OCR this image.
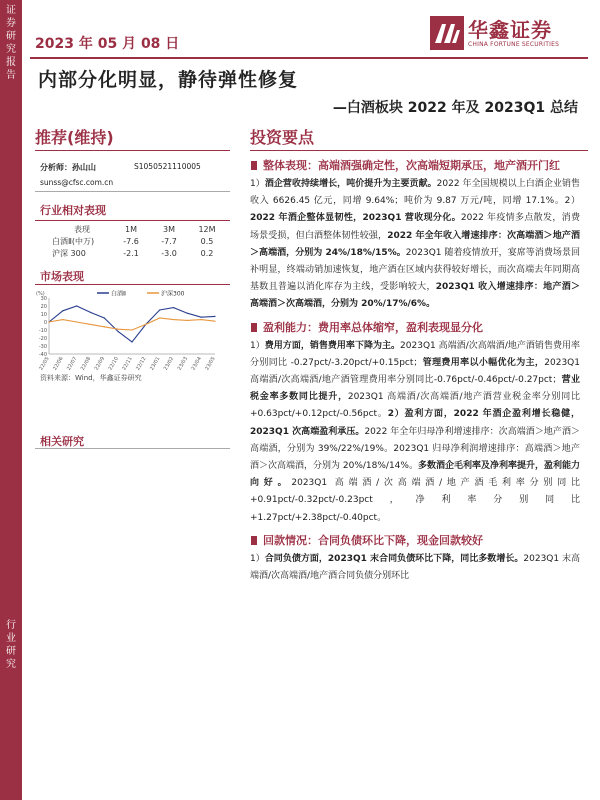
证
券
研
究
报
告
行
业
研
究
2023 年 05 月 08 日
华鑫证券
CHINA FORTUNE SECURITIES
内部分化明显，静待弹性修复
—白酒板块 2022 年及 2023Q1 总结
推荐(维持)	投资要点
分析师：孙山山	S1050521110005
sunss@cfsc.com.cn
行业相对表现
表现	1M	3M	12M
白酒Ⅱ(中万)	-7.6	-7.7	0.5
沪深 300	-2.1	-3.0	0.2
市场表现
白酒Ⅱ	沪深300
(%)
30
20
10
0
-10
-20
-30
-40
22/05 22/06 22/07 22/08 22/09 22/10 22/11 22/12 23/01 23/02 23/03 23/04 23/05
资料来源：Wind，华鑫证券研究
相关研究
整体表现：高端酒强确定性，次高端短期承压，地产酒开门红
1）酒企营收持续增长，吨价提升为主要贡献。2022 年全国规模以上白酒企业销售收入 6626.45 亿元，同增 9.64%；吨价为 9.87 万元/吨，同增 17.1%。2）2022 年酒企整体显韧性，2023Q1 营收现分化。2022 年疫情多点散发，消费场景受损，但白酒整体韧性较强，2022 年全年收入增速排序：次高端酒＞地产酒＞高端酒，分别为 24%/18%/15%。2023Q1 随着疫情放开，宴席等消费场景回补明显，终端动销加速恢复，地产酒在区域内获得较好增长，而次高端去年同期高基数且普遍以消化库存为主线，受影响较大，2023Q1 收入增速排序：地产酒＞高端酒＞次高端酒，分别为 20%/17%/6%。
盈利能力：费用率总体缩窄，盈利表现显分化
1）费用方面，销售费用率下降为主。2023Q1 高端酒/次高端酒/地产酒销售费用率分别同比 -0.27pct/-3.20pct/+0.15pct；管理费用率以小幅优化为主，2023Q1 高端酒/次高端酒/地产酒管理费用率分别同比-0.76pct/-0.46pct/-0.27pct；营业税金率多数同比提升，2023Q1 高端酒/次高端酒/地产酒营业税金率分别同比+0.63pct/+0.12pct/-0.56pct。2）盈利方面，2022 年酒企盈利增长稳健，2023Q1 次高端盈利承压。2022 年全年归母净利增速排序：次高端酒＞地产酒＞高端酒，分别为 39%/22%/19%。2023Q1 归母净利润增速排序：高端酒＞地产酒＞次高端酒，分别为 20%/18%/14%。多数酒企毛利率及净利率提升，盈利能力向好。2023Q1 高端酒/次高端酒/地产酒毛利率分别同比+0.91pct/-0.32pct/-0.23pct，净利率分别同比+1.27pct/+2.38pct/-0.40pct。
回款情况：合同负债环比下降，现金回款较好
1）合同负债方面，2023Q1 末合同负债环比下降，同比多数增长。2023Q1 末高端酒/次高端酒/地产酒合同负债分别环比
